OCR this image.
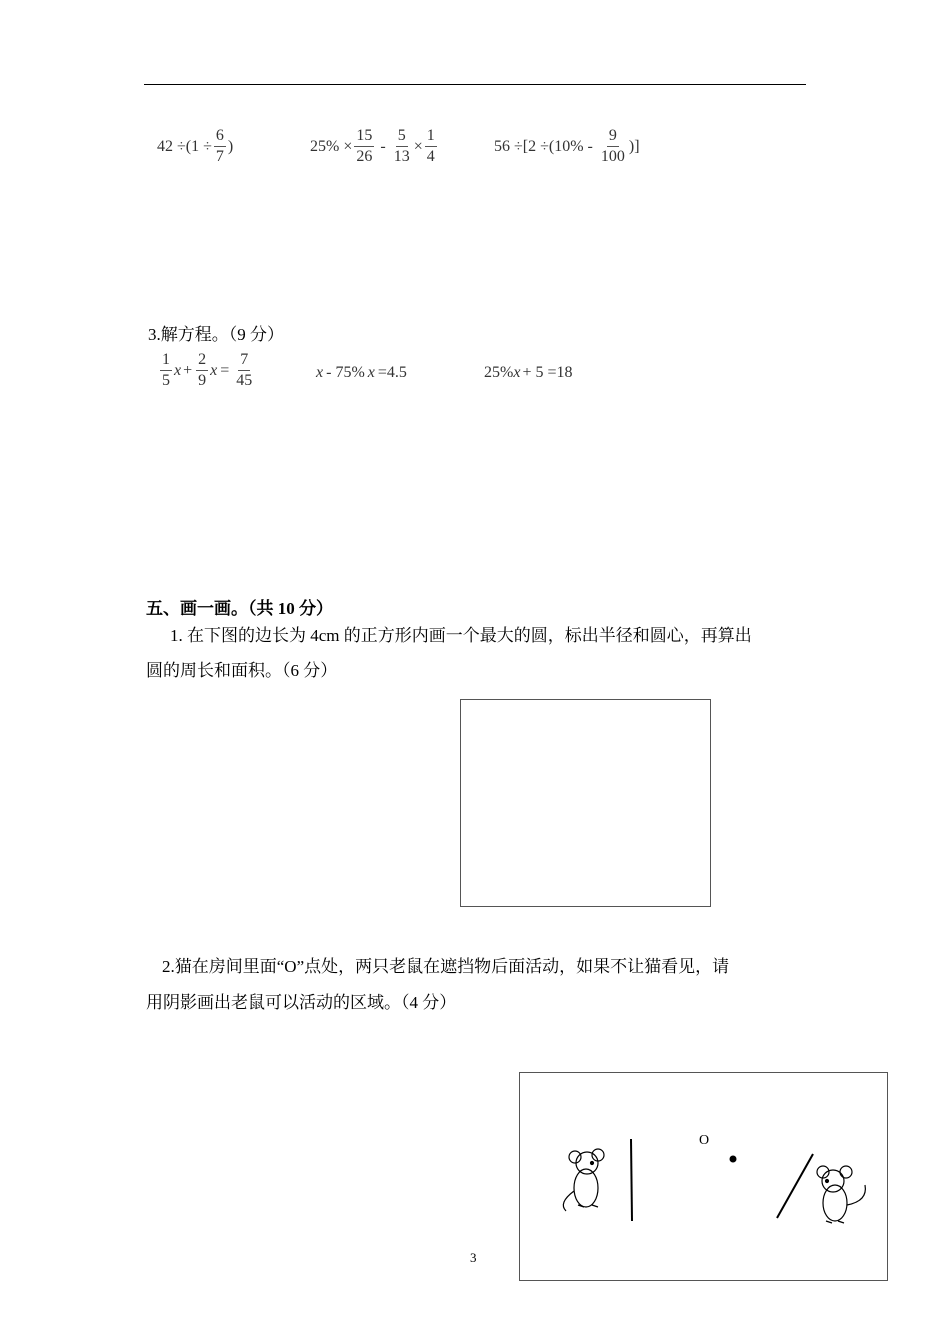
$42 \div(1 \div \frac{6}{7}$ )	$25\% \times \frac{15}{26} - \frac{5}{13} \times \frac{1}{4}$	$56 \div[2 \div(10\% - \frac{9}{100}$ )]
3.解方程。（9 分）
$\frac{1}{5}$ $x + \frac{2}{9}$ $x = \frac{7}{45}$	x - 75% x =4.5	25% x + 5 =18
五、画一画。（共 10 分）
1. 在下图的边长为 4cm 的正方形内画一个最大的圆，标出半径和圆心，再算出
圆的周长和面积。（6 分）
2.猫在房间里面“O”点处，两只老鼠在遮挡物后面活动，如果不让猫看见，请
用阴影画出老鼠可以活动的区域。（4 分）
O
3
